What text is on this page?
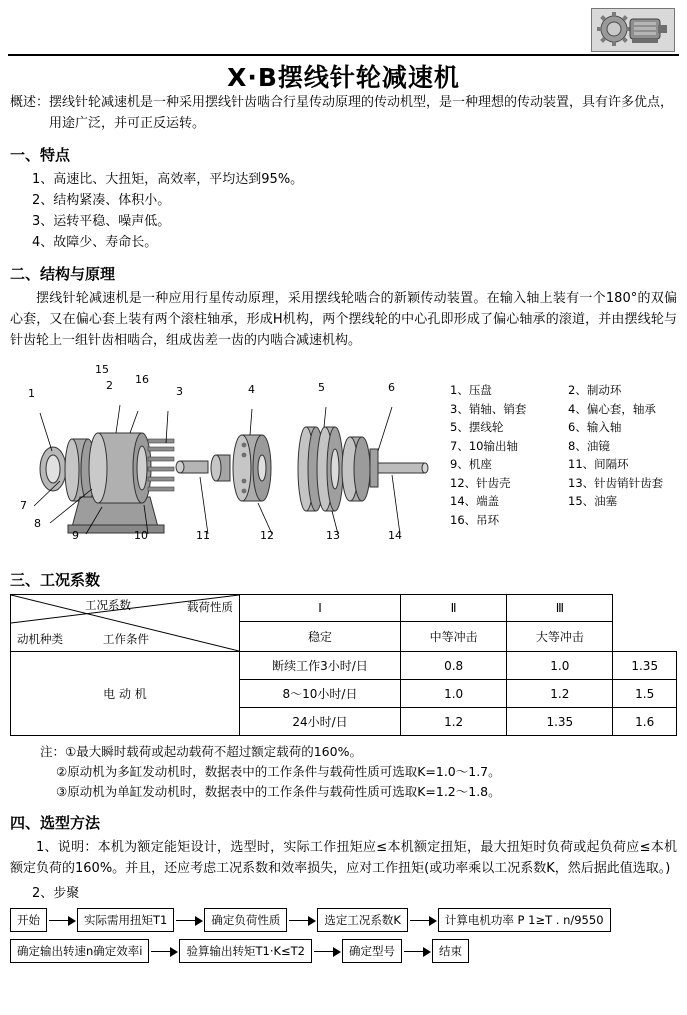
X·B摆线针轮减速机
概述： 摆线针轮减速机是一种采用摆线针齿啮合行星传动原理的传动机型，是一种理想的传动装置，具有许多优点，用途广泛，并可正反运转。
一、特点
1、高速比、大扭矩，高效率，平均达到95%。
2、结构紧凑、体积小。
3、运转平稳、噪声低。
4、故障少、寿命长。
二、结构与原理
摆线针轮减速机是一种应用行星传动原理，采用摆线轮啮合的新颖传动装置。在输入轴上装有一个180°的双偏心套，又在偏心套上装有两个滚柱轴承，形成H机构，两个摆线轮的中心孔即形成了偏心轴承的滚道，并由摆线轮与针齿轮上一组针齿相啮合，组成齿差一齿的内啮合减速机构。
1
2
15
16
3	4	5	6
7
8
9	10	11	12	13	14
1、压盘	2、制动环
3、销轴、销套	4、偏心套，轴承
5、摆线轮	6、输入轴
7、10输出轴	8、油镜
9、机座	11、间隔环
12、针齿壳	13、针齿销针齿套
14、端盖	15、油塞
16、吊环
三、工况系数
载荷性质
工作条件
动机种类
工况系数	Ⅰ	Ⅱ	Ⅲ	
	稳定	中等冲击	大等冲击	
电 动 机	断续工作3小时/日	0.8	1.0	1.35
	8～10小时/日	1.0	1.2	1.5
	24小时/日	1.2	1.35	1.6
注：①最大瞬时载荷或起动载荷不超过额定载荷的160%。
②原动机为多缸发动机时，数据表中的工作条件与载荷性质可选取K=1.0～1.7。
③原动机为单缸发动机时，数据表中的工作条件与载荷性质可选取K=1.2～1.8。
四、选型方法
1、说明：本机为额定能矩设计，选型时，实际工作扭矩应≤本机额定扭矩，最大扭矩时负荷或起负荷应≤本机额定负荷的160%。并且，还应考虑工况系数和效率损失，应对工作扭矩(或功率乘以工况系数K，然后据此值选取。)
2、步聚
开始	实际需用扭矩T1	确定负荷性质	选定工况系数K	计算电机功率 P 1≥T . n/9550
确定输出转速n确定效率i	验算输出转矩T1·K≤T2	确定型号	结束
